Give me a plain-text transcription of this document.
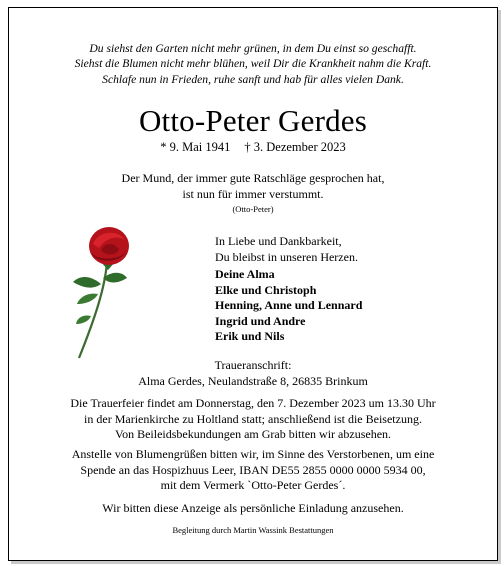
Du siehst den Garten nicht mehr grünen, in dem Du einst so geschafft.
Siehst die Blumen nicht mehr blühen, weil Dir die Krankheit nahm die Kraft.
Schlafe nun in Frieden, ruhe sanft und hab für alles vielen Dank.
Otto-Peter Gerdes
* 9. Mai 1941 † 3. Dezember 2023
Der Mund, der immer gute Ratschläge gesprochen hat,
ist nun für immer verstummt.
(Otto-Peter)
In Liebe und Dankbarkeit,
Du bleibst in unseren Herzen.
Deine Alma
Elke und Christoph
Henning, Anne und Lennard
Ingrid und Andre
Erik und Nils
Traueranschrift:
Alma Gerdes, Neulandstraße 8, 26835 Brinkum
Die Trauerfeier findet am Donnerstag, den 7. Dezember 2023 um 13.30 Uhr
in der Marienkirche zu Holtland statt; anschließend ist die Beisetzung.
Von Beileidsbekundungen am Grab bitten wir abzusehen.
Anstelle von Blumengrüßen bitten wir, im Sinne des Verstorbenen, um eine
Spende an das Hospizhuus Leer, IBAN DE55 2855 0000 0000 5934 00,
mit dem Vermerk `Otto-Peter Gerdes´.
Wir bitten diese Anzeige als persönliche Einladung anzusehen.
Begleitung durch Martin Wassink Bestattungen
